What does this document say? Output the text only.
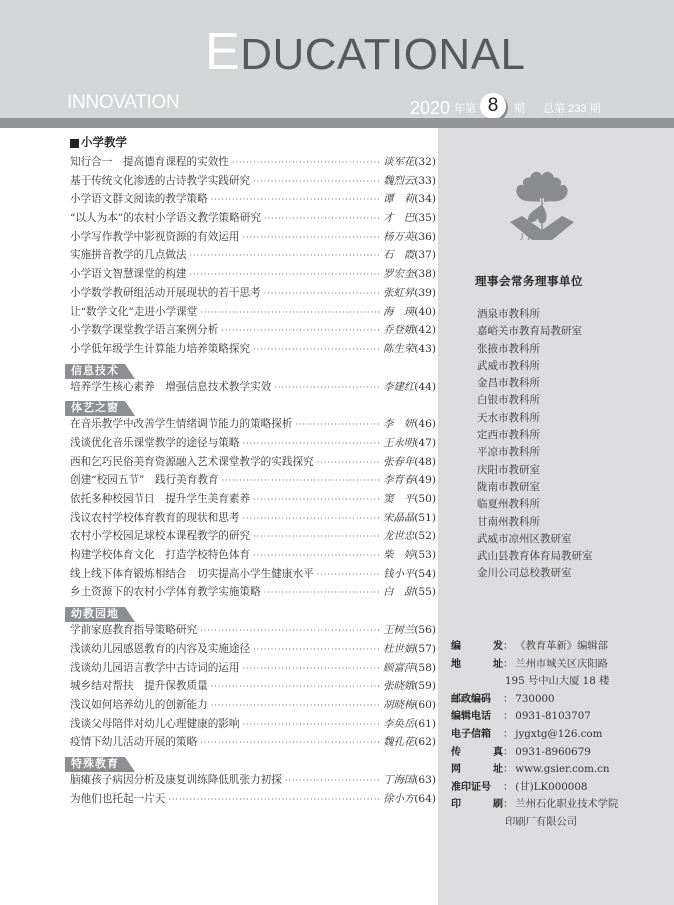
EDUCATIONAL
INNOVATION	2020 年第 8	期 总第 233 期
小学教学
知行合一　提高德育课程的实效性 ·····	谈军花 (32)
基于传统文化渗透的古诗教学实践研究 ·····	魏烈云 (33)
小学语文群文阅读的教学策略 ·····	谭　莉 (34)
“以人为本”的农村小学语文教学策略研究 ·····	才　巴 (35)
小学写作教学中影视资源的有效运用 ·····	杨万英 (36)
实施拼音教学的几点做法 ·····	石　霞 (37)
小学语文智慧课堂的构建 ·····	罗宏奎 (38)
小学数学教研组活动开展现状的若干思考 ·····	张虹昇 (39)
让“数学文化”走进小学课堂 ·····	海　瑛 (40)
小学数学课堂教学语言案例分析 ·····	乔登娥 (42)
小学低年级学生计算能力培养策略探究 ·····	陈生荣 (43)
信息技术
培养学生核心素养　增强信息技术教学实效 ·····	李建红 (44)
体艺之窗
在音乐教学中改善学生情绪调节能力的策略探析 ·····	李　妍 (46)
浅谈优化音乐课堂教学的途径与策略 ·····	王永明 (47)
西和乞巧民俗美育资源融入艺术课堂教学的实践探究 ·····	张春年 (48)
创建“校园五节”　践行美育教育 ·····	李育春 (49)
依托多种校园节日　提升学生美育素养 ·····	窦　平 (50)
浅议农村学校体育教育的现状和思考 ·····	宋晶晶 (51)
农村小学校园足球校本课程教学的研究 ·····	龙世忠 (52)
构建学校体育文化　打造学校特色体育 ·····	柴　婷 (53)
线上线下体育锻炼相结合　切实提高小学生健康水平 ·····	钱小平 (54)
乡土资源下的农村小学体育教学实施策略 ·····	白　甜 (55)
幼教园地
学前家庭教育指导策略研究 ·····	王树兰 (56)
浅谈幼儿园感恩教育的内容及实施途径 ·····	杜世娟 (57)
浅谈幼儿园语言教学中古诗词的运用 ·····	顾富萍 (58)
城乡结对帮扶　提升保教质量 ·····	张晓娥 (59)
浅议如何培养幼儿的创新能力 ·····	胡晓梅 (60)
浅谈父母陪伴对幼儿心理健康的影响 ·····	李奂岳 (61)
疫情下幼儿活动开展的策略 ·····	魏孔花 (62)
特殊教育
脑瘫孩子病因分析及康复训练降低肌张力初探 ·····	丁海国 (63)
为他们也托起一片天 ·····	徐小方 (64)
JYGX
理事会常务理事单位
酒泉市教科所
嘉峪关市教育局教研室
张掖市教科所
武威市教科所
金昌市教科所
白银市教科所
天水市教科所
定西市教科所
平凉市教科所
庆阳市教研室
陇南市教研室
临夏州教科所
甘南州教科所
武威市凉州区教研室
武山县教育体育局教研室
金川公司总校教研室
编	发 ： 《教育革新》编辑部
地	址 ： 兰州市城关区庆阳路
195 号中山大厦 18 楼
邮政编码	： 730000
编辑电话	： 0931-8103707
电子信箱	： jygxtg@126.com
传	真 ： 0931-8960679
网	址 ： www.gsier.com.cn
准印证号	： (甘)LK000008
印	刷 ： 兰州石化职业技术学院
印刷厂有限公司
